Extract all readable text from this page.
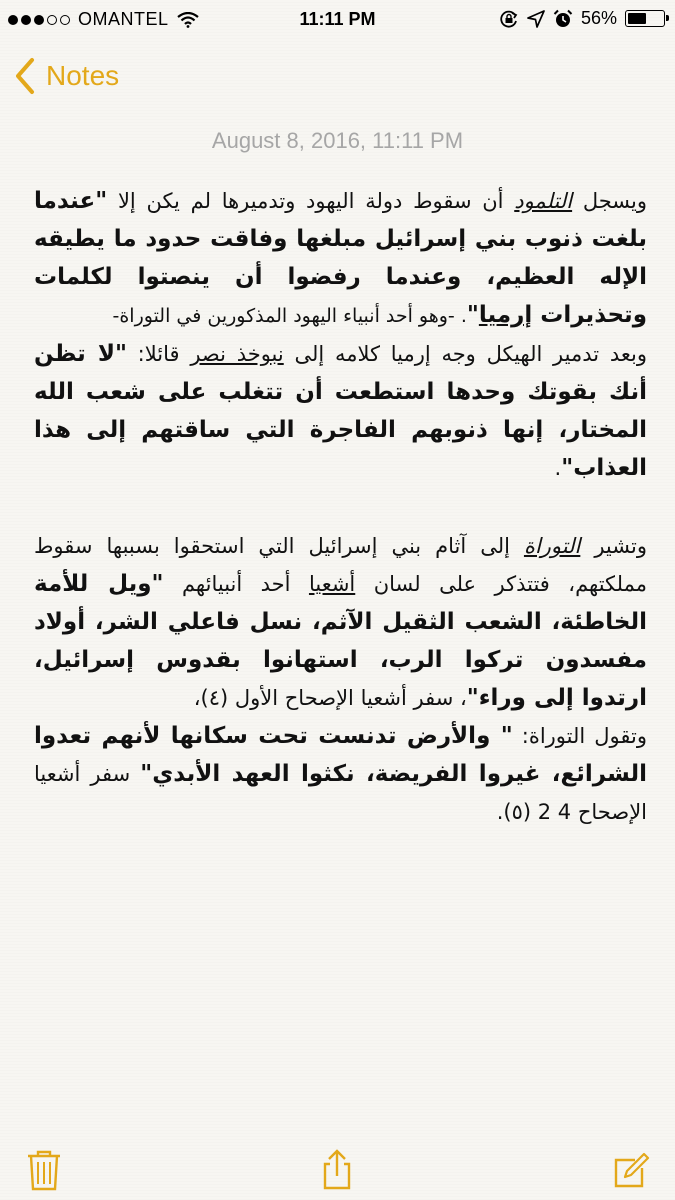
OMANTEL	11:11 PM	56%
Notes
August 8, 2016, 11:11 PM

ويسجل التلمود أن سقوط دولة اليهود وتدميرها لم يكن إلا "عندما بلغت ذنوب بني إسرائيل مبلغها وفاقت حدود ما يطيقه الإله العظيم، وعندما رفضوا أن ينصتوا لكلمات وتحذيرات إرميا". -وهو أحد أنبياء اليهود المذكورين في التوراة-

وبعد تدمير الهيكل وجه إرميا كلامه إلى نبوخذ نصر قائلا: "لا تظن أنك بقوتك وحدها استطعت أن تتغلب على شعب الله المختار، إنها ذنوبهم الفاجرة التي ساقتهم إلى هذا العذاب".

وتشير التوراة إلى آثام بني إسرائيل التي استحقوا بسببها سقوط مملكتهم، فتتذكر على لسان أشعيا أحد أنبيائهم "ويل للأمة الخاطئة، الشعب الثقيل الآثم، نسل فاعلي الشر، أولاد مفسدون تركوا الرب، استهانوا بقدوس إسرائيل، ارتدوا إلى وراء"، سفر أشعيا الإصحاح الأول (٤)،

وتقول التوراة: " والأرض تدنست تحت سكانها لأنهم تعدوا الشرائع، غيروا الفريضة، نكثوا العهد الأبدي" سفر أشعيا الإصحاح 4 2 (٥).
